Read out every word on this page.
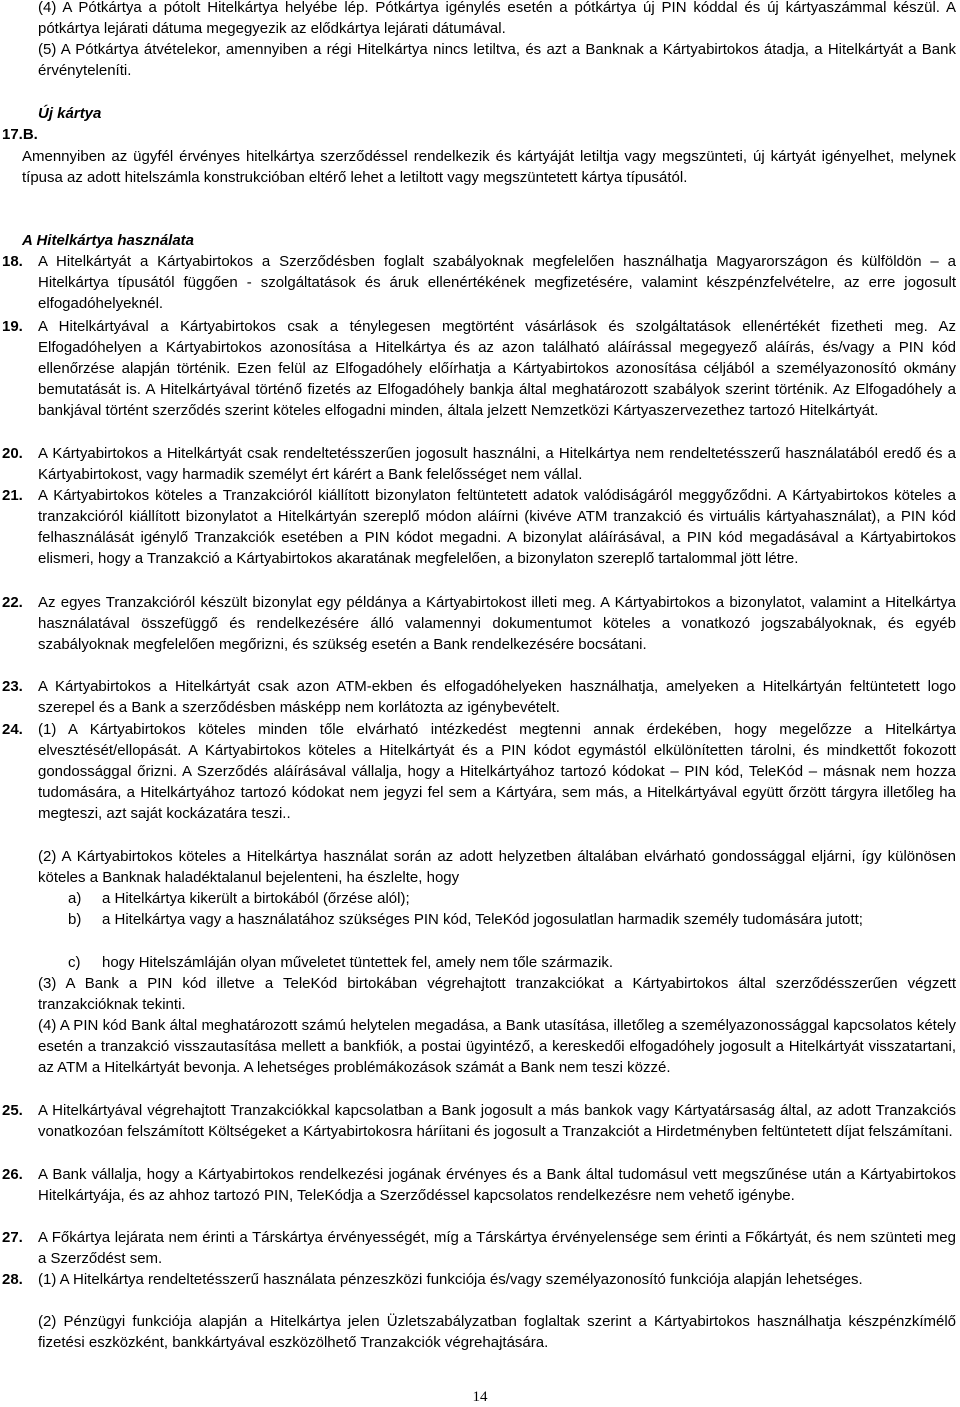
(4) A Pótkártya a pótolt Hitelkártya helyébe lép. Pótkártya igénylés esetén a pótkártya új PIN kóddal és új kártyaszámmal készül. A pótkártya lejárati dátuma megegyezik az elődkártya lejárati dátumával.
(5) A Pótkártya átvételekor, amennyiben a régi Hitelkártya nincs letiltva, és azt a Banknak a Kártyabirtokos átadja, a Hitelkártyát a Bank érvényteleníti.
Új kártya
17.B.
Amennyiben az ügyfél érvényes hitelkártya szerződéssel rendelkezik és kártyáját letiltja vagy megszünteti, új kártyát igényelhet, melynek típusa az adott hitelszámla konstrukcióban eltérő lehet a letiltott vagy megszüntetett kártya típusától.
A Hitelkártya használata
18. A Hitelkártyát a Kártyabirtokos a Szerződésben foglalt szabályoknak megfelelően használhatja Magyarországon és külföldön – a Hitelkártya típusától függően - szolgáltatások és áruk ellenértékének megfizetésére, valamint készpénzfelvételre, az erre jogosult elfogadóhelyeknél.
19. A Hitelkártyával a Kártyabirtokos csak a ténylegesen megtörtént vásárlások és szolgáltatások ellenértékét fizetheti meg. Az Elfogadóhelyen a Kártyabirtokos azonosítása a Hitelkártya és az azon található aláírással megegyező aláírás, és/vagy a PIN kód ellenőrzése alapján történik. Ezen felül az Elfogadóhely előírhatja a Kártyabirtokos azonosítása céljából a személyazonosító okmány bemutatását is. A Hitelkártyával történő fizetés az Elfogadóhely bankja által meghatározott szabályok szerint történik. Az Elfogadóhely a bankjával történt szerződés szerint köteles elfogadni minden, általa jelzett Nemzetközi Kártyaszervezethez tartozó Hitelkártyát.
20. A Kártyabirtokos a Hitelkártyát csak rendeltetésszerűen jogosult használni, a Hitelkártya nem rendeltetésszerű használatából eredő és a Kártyabirtokost, vagy harmadik személyt ért kárért a Bank felelősséget nem vállal.
21. A Kártyabirtokos köteles a Tranzakcióról kiállított bizonylaton feltüntetett adatok valódiságáról meggyőződni. A Kártyabirtokos köteles a tranzakcióról kiállított bizonylatot a Hitelkártyán szereplő módon aláírni (kivéve ATM tranzakció és virtuális kártyahasználat), a PIN kód felhasználását igénylő Tranzakciók esetében a PIN kódot megadni. A bizonylat aláírásával, a PIN kód megadásával a Kártyabirtokos elismeri, hogy a Tranzakció a Kártyabirtokos akaratának megfelelően, a bizonylaton szereplő tartalommal jött létre.
22. Az egyes Tranzakcióról készült bizonylat egy példánya a Kártyabirtokost illeti meg. A Kártyabirtokos a bizonylatot, valamint a Hitelkártya használatával összefüggő és rendelkezésére álló valamennyi dokumentumot köteles a vonatkozó jogszabályoknak, és egyéb szabályoknak megfelelően megőrizni, és szükség esetén a Bank rendelkezésére bocsátani.
23. A Kártyabirtokos a Hitelkártyát csak azon ATM-ekben és elfogadóhelyeken használhatja, amelyeken a Hitelkártyán feltüntetett logo szerepel és a Bank a szerződésben másképp nem korlátozta az igénybevételt.
24. (1) A Kártyabirtokos köteles minden tőle elvárható intézkedést megtenni annak érdekében, hogy megelőzze a Hitelkártya elvesztését/ellopását. A Kártyabirtokos köteles a Hitelkártyát és a PIN kódot egymástól elkülönítetten tárolni, és mindkettőt fokozott gondossággal őrizni. A Szerződés aláírásával vállalja, hogy a Hitelkártyához tartozó kódokat – PIN kód, TeleKód – másnak nem hozza tudomására, a Hitelkártyához tartozó kódokat nem jegyzi fel sem a Kártyára, sem más, a Hitelkártyával együtt őrzött tárgyra illetőleg ha megteszi, azt saját kockázatára teszi..
(2) A Kártyabirtokos köteles a Hitelkártya használat során az adott helyzetben általában elvárható gondossággal eljárni, így különösen köteles a Banknak haladéktalanul bejelenteni, ha észlelte, hogy
a) a Hitelkártya kikerült a birtokából (őrzése alól);
b) a Hitelkártya vagy a használatához szükséges PIN kód, TeleKód jogosulatlan harmadik személy tudomására jutott;
c) hogy Hitelszámláján olyan műveletet tüntettek fel, amely nem tőle származik.
(3) A Bank a PIN kód illetve a TeleKód birtokában végrehajtott tranzakciókat a Kártyabirtokos által szerződésszerűen végzett tranzakcióknak tekinti.
(4) A PIN kód Bank által meghatározott számú helytelen megadása, a Bank utasítása, illetőleg a személyazonossággal kapcsolatos kétely esetén a tranzakció visszautasítása mellett a bankfiók, a postai ügyintéző, a kereskedői elfogadóhely jogosult a Hitelkártyát visszatartani, az ATM a Hitelkártyát bevonja. A lehetséges problémákozások számát a Bank nem teszi közzé.
25. A Hitelkártyával végrehajtott Tranzakciókkal kapcsolatban a Bank jogosult a más bankok vagy Kártyatársaság által, az adott Tranzakciós vonatkozóan felszámított Költségeket a Kártyabirtokosra háríitani és jogosult a Tranzakciót a Hirdetményben feltüntetett díjat felszámítani.
26. A Bank vállalja, hogy a Kártyabirtokos rendelkezési jogának érvényes és a Bank által tudomásul vett megszűnése után a Kártyabirtokos Hitelkártyája, és az ahhoz tartozó PIN, TeleKódja a Szerződéssel kapcsolatos rendelkezésre nem vehető igénybe.
27. A Főkártya lejárata nem érinti a Társkártya érvényességét, míg a Társkártya érvényelensége sem érinti a Főkártyát, és nem szünteti meg a Szerződést sem.
28. (1) A Hitelkártya rendeltetésszerű használata pénzeszközi funkciója és/vagy személyazonosító funkciója alapján lehetséges.
(2) Pénzügyi funkciója alapján a Hitelkártya jelen Üzletszabályzatban foglaltak szerint a Kártyabirtokos használhatja készpénzkímélő fizetési eszközként, bankkártyával eszközölhető Tranzakciók végrehajtására.
14
